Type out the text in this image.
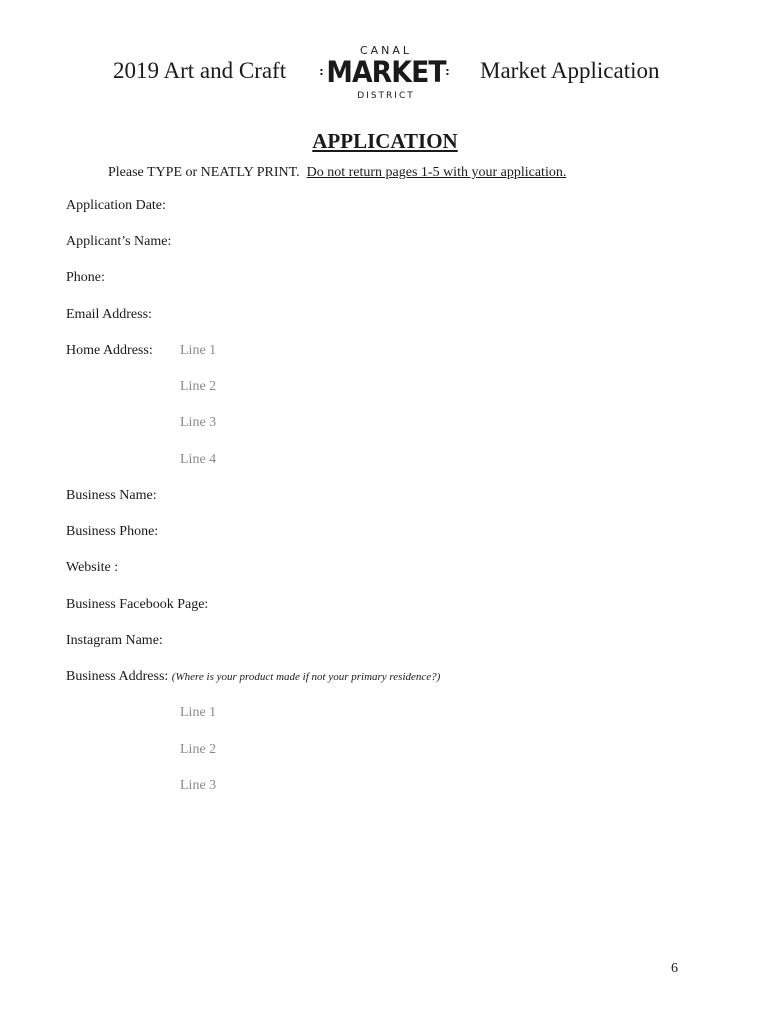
2019 Art and Craft
CANAL
▪
▪ MARKET ▪
▪
DISTRICT
Market Application
APPLICATION
Please TYPE or NEATLY PRINT. Do not return pages 1-5 with your application.
Application Date:
Applicant’s Name:
Phone:
Email Address:
Home Address: Line 1
Line 2
Line 3
Line 4
Business Name:
Business Phone:
Website :
Business Facebook Page:
Instagram Name:
Business Address: (Where is your product made if not your primary residence?)
Line 1
Line 2
Line 3
6
